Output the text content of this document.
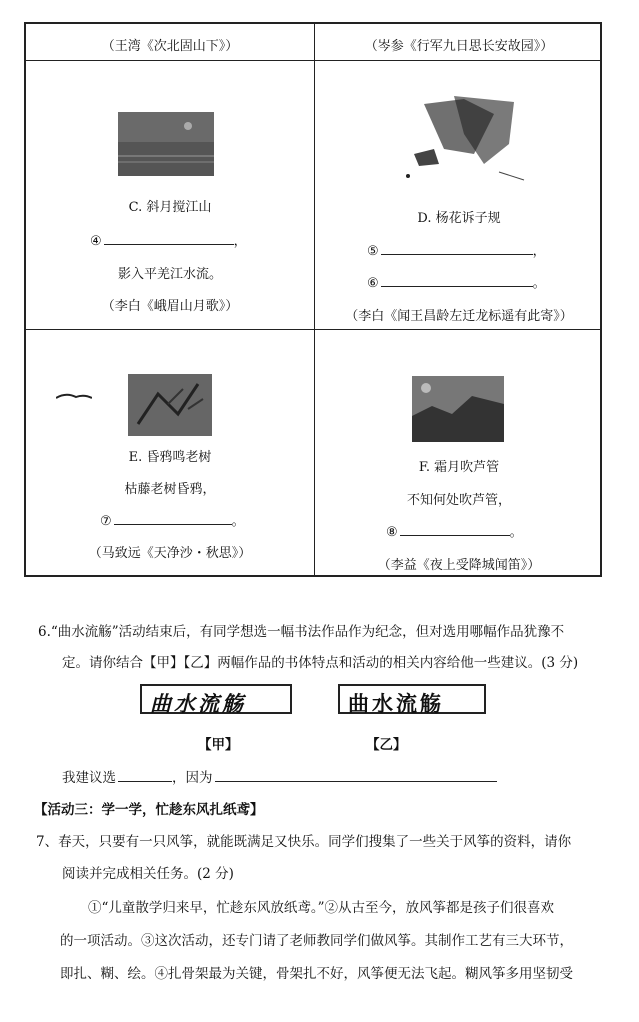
（王湾《次北固山下》）	（岑参《行军九日思长安故园》）
C. 斜月搅江山
④	，
影入平羌江水流。
（李白《峨眉山月歌》）
D. 杨花诉子规
⑤	，
⑥	。
（李白《闻王昌龄左迁龙标遥有此寄》）
E. 昏鸦鸣老树
枯藤老树昏鸦，
⑦	。
（马致远《天净沙・秋思》）
F. 霜月吹芦管
不知何处吹芦管，
⑧	。
（李益《夜上受降城闻笛》）
6.“曲水流觞”活动结束后，有同学想选一幅书法作品作为纪念，但对选用哪幅作品犹豫不
定。请你结合【甲】【乙】两幅作品的书体特点和活动的相关内容给他一些建议。(3 分)
曲水流觞	曲水流觞
【甲】	【乙】
我建议选	，因为
【活动三：学一学，忙趁东风扎纸鸢】
7、春天，只要有一只风筝，就能既满足又快乐。同学们搜集了一些关于风筝的资料，请你
阅读并完成相关任务。(2 分)
①“儿童散学归来早，忙趁东风放纸鸢。”②从古至今，放风筝都是孩子们很喜欢
的一项活动。③这次活动，还专门请了老师教同学们做风筝。其制作工艺有三大环节，
即扎、糊、绘。④扎骨架最为关键，骨架扎不好，风筝便无法飞起。糊风筝多用坚韧受
